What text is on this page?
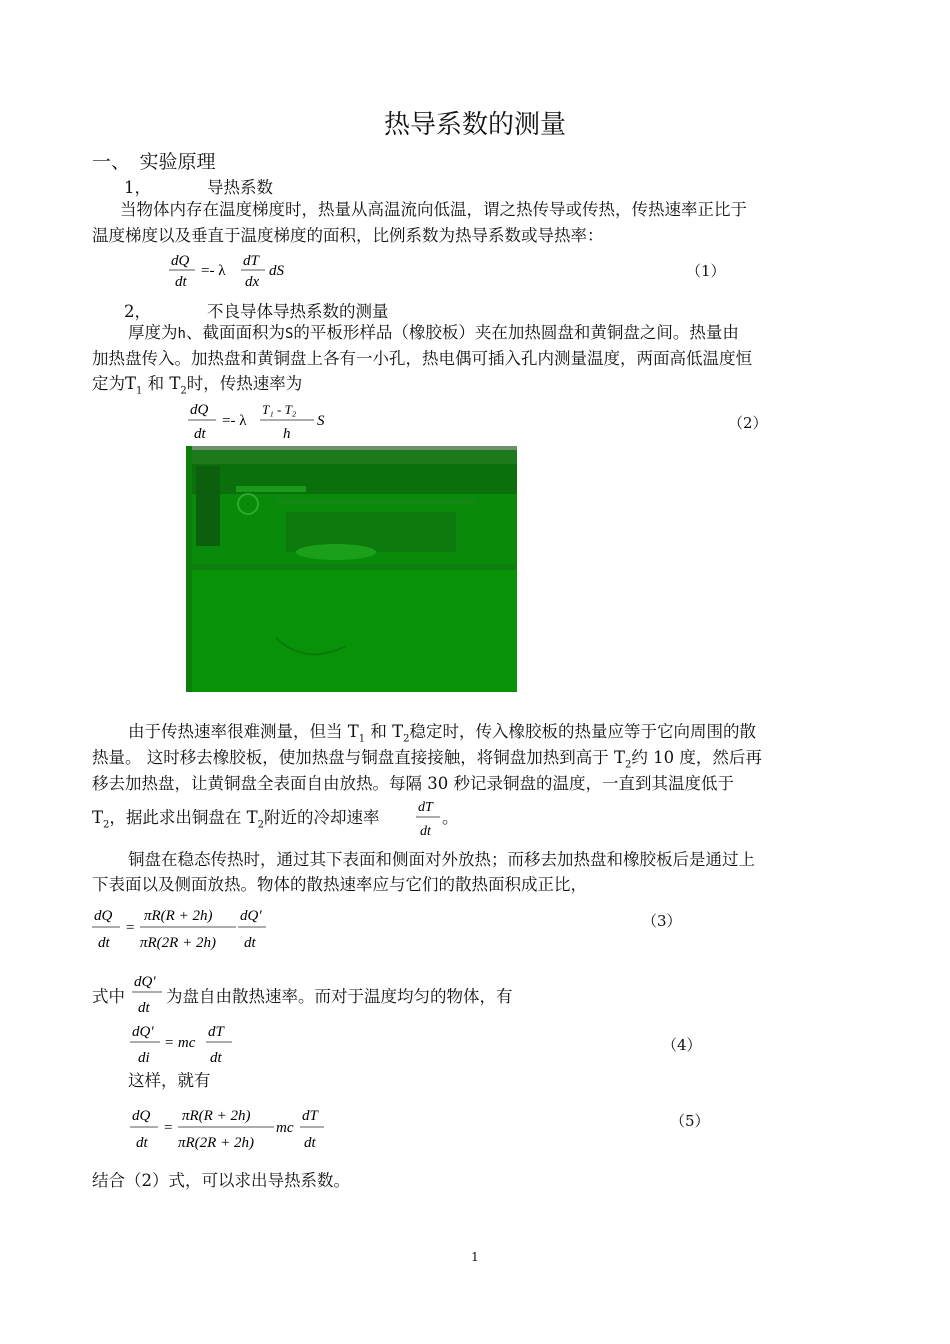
热导系数的测量
一、　实验原理
1，	导热系数
当物体内存在温度梯度时，热量从高温流向低温，谓之热传导或传热，传热速率正比于
温度梯度以及垂直于温度梯度的面积，比例系数为热导系数或导热率：
dQ
dt
=- λ
dT
dx
dS	（1）
2，	不良导体导热系数的测量
厚度为h、截面面积为S的平板形样品（橡胶板）夹在加热圆盘和黄铜盘之间。热量由
加热盘传入。加热盘和黄铜盘上各有一小孔，热电偶可插入孔内测量温度，两面高低温度恒
定为$T_1$ 和 $T_2$时，传热速率为
dQ
dt
=- λ
T₁ - T₂
h
S	（2）
由于传热速率很难测量，但当 $T_1$ 和 $T_2$稳定时，传入橡胶板的热量应等于它向周围的散
热量。 这时移去橡胶板，使加热盘与铜盘直接接触，将铜盘加热到高于 $T_2$约 10 度，然后再
移去加热盘，让黄铜盘全表面自由放热。每隔 30 秒记录铜盘的温度，一直到其温度低于
$T_2$，据此求出铜盘在 $T_2$附近的冷却速率
dT
dt
。
铜盘在稳态传热时，通过其下表面和侧面对外放热；而移去加热盘和橡胶板后是通过上
下表面以及侧面放热。物体的散热速率应与它们的散热面积成正比，
dQ
dt
=
πR(R + 2h)
πR(2R + 2h)
dQ′
dt
（3）
式中
dQ′
dt
为盘自由散热速率。而对于温度均匀的物体，有
dQ′
di
= mc
dT
dt
（4）
这样，就有
dQ
dt
=
πR(R + 2h)
πR(2R + 2h)
mc
dT
dt
（5）
结合（2）式，可以求出导热系数。
1
